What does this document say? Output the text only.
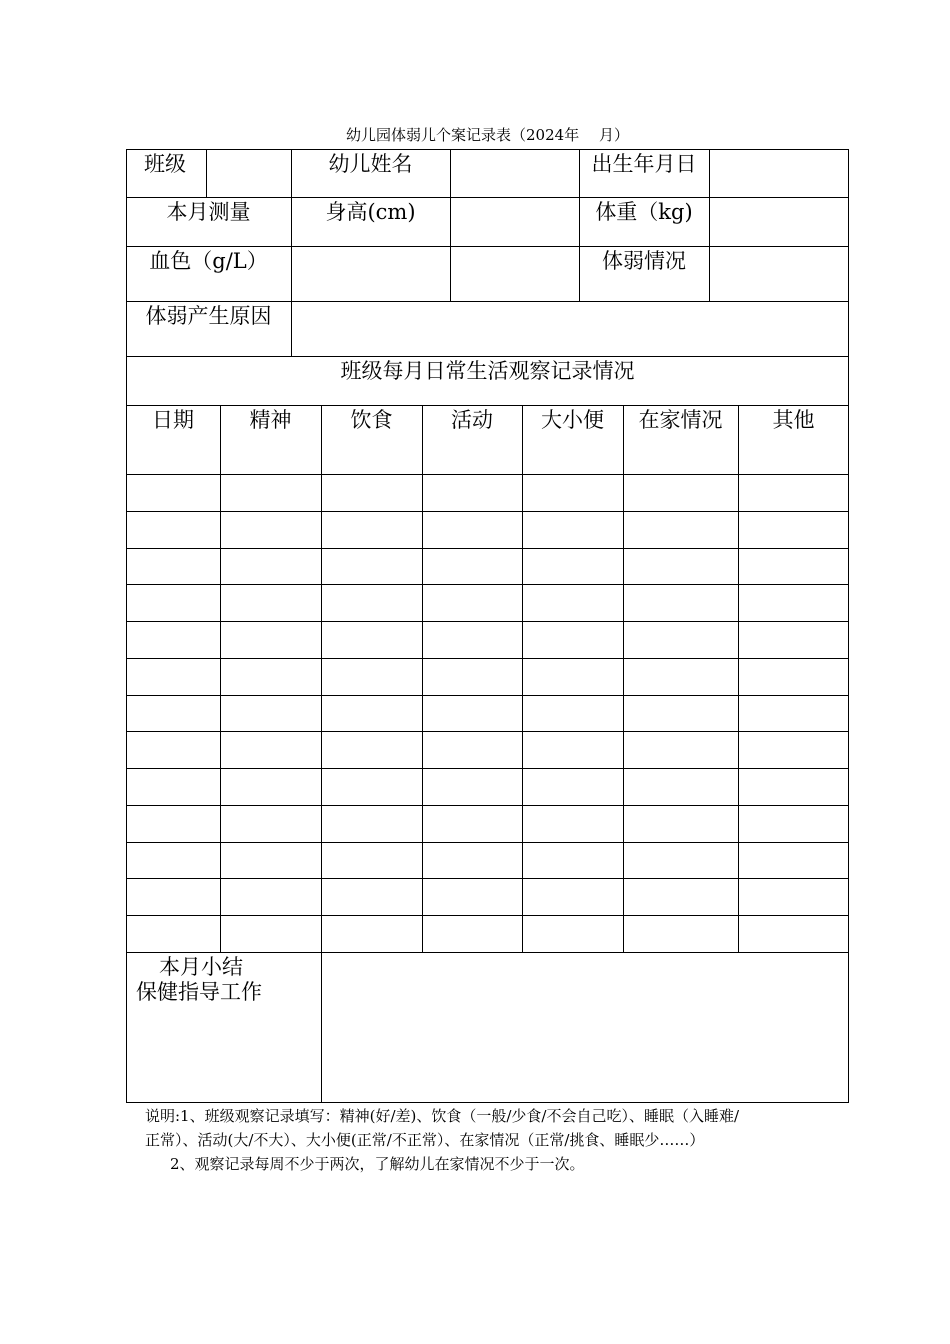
幼儿园体弱儿个案记录表（2024年　 月）
班级	幼儿姓名	出生年月日
本月测量	身高(cm)	体重（kg)
血色（g/L）	体弱情况
体弱产生原因
班级每月日常生活观察记录情况
日期	精神	饮食	活动	大小便	在家情况	其他
本月小结
保健指导工作
说明:1、班级观察记录填写：精神(好/差)、饮食（一般/少食/不会自己吃）、睡眠（入睡难/
正常）、活动(大/不大）、大小便(正常/不正常）、在家情况（正常/挑食、睡眠少……）
2、观察记录每周不少于两次，了解幼儿在家情况不少于一次。
